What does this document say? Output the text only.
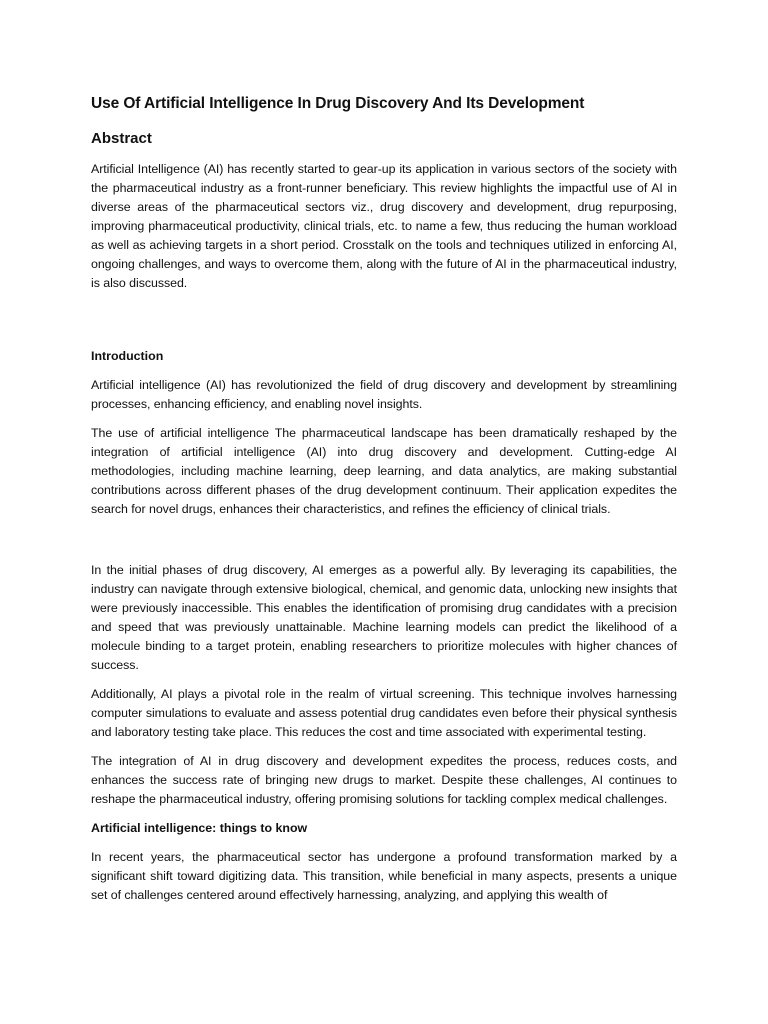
Use Of Artificial Intelligence In Drug Discovery And Its Development
Abstract

Artificial Intelligence (AI) has recently started to gear-up its application in various sectors of the society with the pharmaceutical industry as a front-runner beneficiary. This review highlights the impactful use of AI in diverse areas of the pharmaceutical sectors viz., drug discovery and development, drug repurposing, improving pharmaceutical productivity, clinical trials, etc. to name a few, thus reducing the human workload as well as achieving targets in a short period. Crosstalk on the tools and techniques utilized in enforcing AI, ongoing challenges, and ways to overcome them, along with the future of AI in the pharmaceutical industry, is also discussed.

Introduction

Artificial intelligence (AI) has revolutionized the field of drug discovery and development by streamlining processes, enhancing efficiency, and enabling novel insights.

The use of artificial intelligence The pharmaceutical landscape has been dramatically reshaped by the integration of artificial intelligence (AI) into drug discovery and development. Cutting-edge AI methodologies, including machine learning, deep learning, and data analytics, are making substantial contributions across different phases of the drug development continuum. Their application expedites the search for novel drugs, enhances their characteristics, and refines the efficiency of clinical trials.

In the initial phases of drug discovery, AI emerges as a powerful ally. By leveraging its capabilities, the industry can navigate through extensive biological, chemical, and genomic data, unlocking new insights that were previously inaccessible. This enables the identification of promising drug candidates with a precision and speed that was previously unattainable. Machine learning models can predict the likelihood of a molecule binding to a target protein, enabling researchers to prioritize molecules with higher chances of success.

Additionally, AI plays a pivotal role in the realm of virtual screening. This technique involves harnessing computer simulations to evaluate and assess potential drug candidates even before their physical synthesis and laboratory testing take place. This reduces the cost and time associated with experimental testing.

The integration of AI in drug discovery and development expedites the process, reduces costs, and enhances the success rate of bringing new drugs to market. Despite these challenges, AI continues to reshape the pharmaceutical industry, offering promising solutions for tackling complex medical challenges.

Artificial intelligence: things to know

In recent years, the pharmaceutical sector has undergone a profound transformation marked by a significant shift toward digitizing data. This transition, while beneficial in many aspects, presents a unique set of challenges centered around effectively harnessing, analyzing, and applying this wealth of
